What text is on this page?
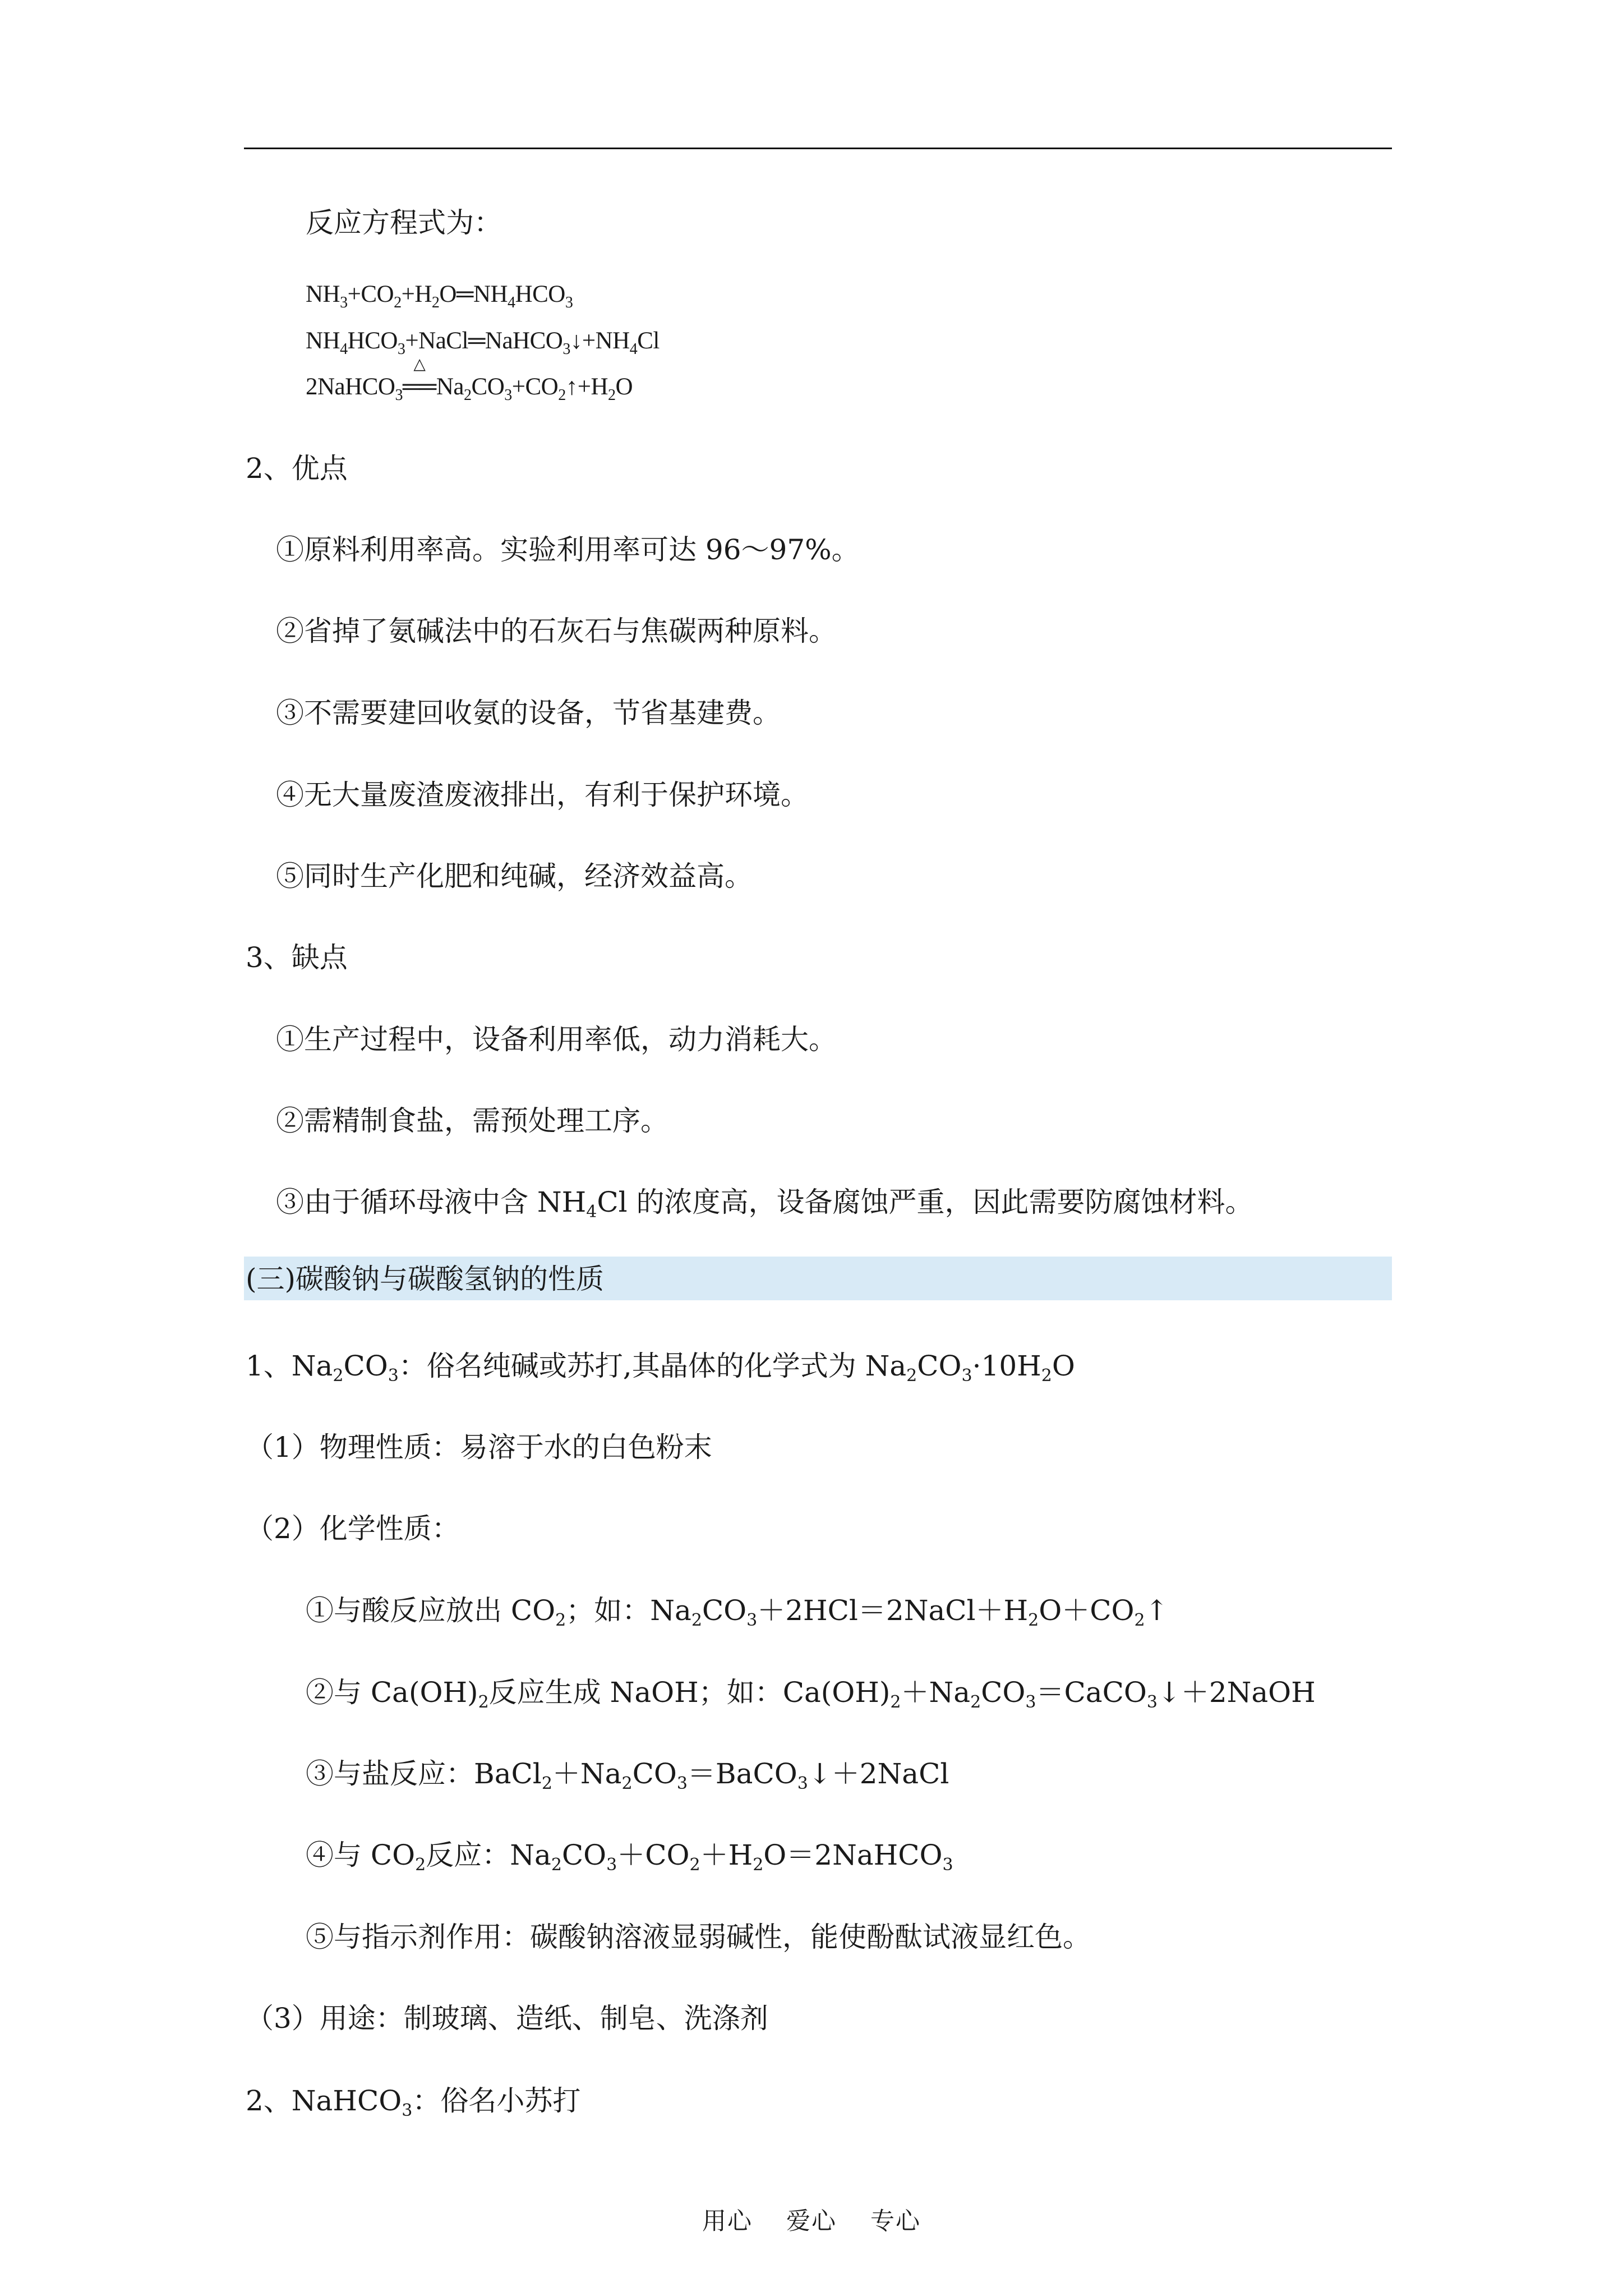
反应方程式为：
$NH_3+CO_2+H_2O═NH_4HCO_3$
$NH_4HCO_3+NaCl═NaHCO_3↓+NH_4Cl$
2NaHCO$_3$
△
$══Na_2CO_3+CO_2↑+H_2O$
2、优点
①原料利用率高。实验利用率可达 96～97%。
②省掉了氨碱法中的石灰石与焦碳两种原料。
③不需要建回收氨的设备，节省基建费。
④无大量废渣废液排出，有利于保护环境。
⑤同时生产化肥和纯碱，经济效益高。
3、缺点
①生产过程中，设备利用率低，动力消耗大。
②需精制食盐，需预处理工序。
③由于循环母液中含 $NH_4Cl$ 的浓度高，设备腐蚀严重，因此需要防腐蚀材料。
(三)碳酸钠与碳酸氢钠的性质
1、$Na_2CO_3$：俗名纯碱或苏打,其晶体的化学式为 $Na_2CO_3\cdot 10H_2O$
（1）物理性质：易溶于水的白色粉末
（2）化学性质：
①与酸反应放出 $CO_2$；如：$Na_2CO_3+2HCl=2NaCl+H_2O+CO_2↑$
②与 $Ca(OH)_2$反应生成 NaOH；如：$Ca(OH)_2+Na_2CO_3=CaCO_3↓+2NaOH$
③与盐反应：$BaCl_2+Na_2CO_3=BaCO_3↓+2NaCl$
④与 $CO_2$反应：$Na_2CO_3+CO_2+H_2O=2NaHCO_3$
⑤与指示剂作用：碳酸钠溶液显弱碱性，能使酚酞试液显红色。
（3）用途：制玻璃、造纸、制皂、洗涤剂
2、NaHCO$_3$：俗名小苏打
用心 爱心 专心
